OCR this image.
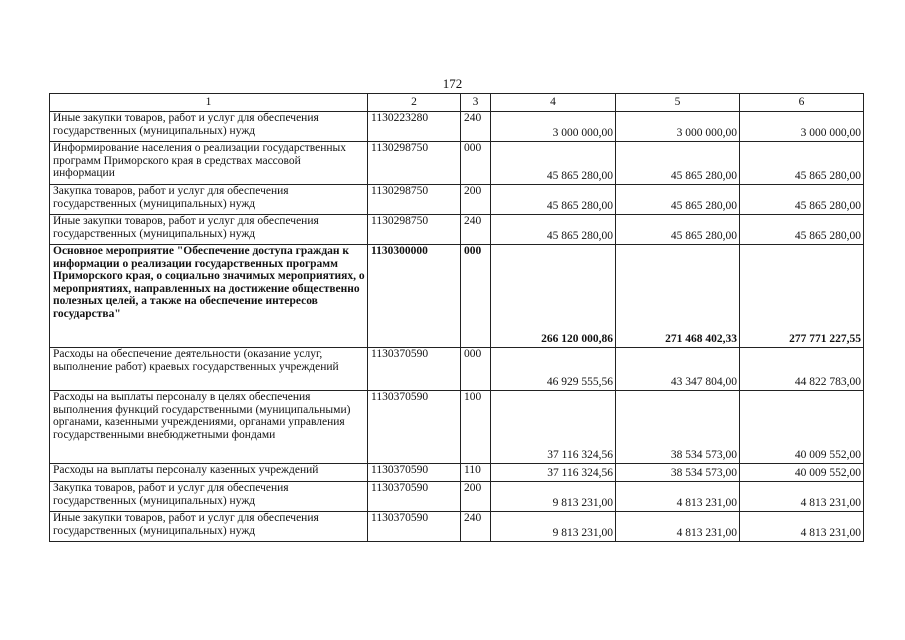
172
1	2	3	4	5	6
Иные закупки товаров, работ и услуг для обеспечения государственных (муниципальных) нужд	1130223280	240	3 000 000,00	3 000 000,00	3 000 000,00
Информирование населения о реализации государственных программ Приморского края в средствах массовой информации	1130298750	000	45 865 280,00	45 865 280,00	45 865 280,00
Закупка товаров, работ и услуг для обеспечения государственных (муниципальных) нужд	1130298750	200	45 865 280,00	45 865 280,00	45 865 280,00
Иные закупки товаров, работ и услуг для обеспечения государственных (муниципальных) нужд	1130298750	240	45 865 280,00	45 865 280,00	45 865 280,00
Основное мероприятие "Обеспечение доступа граждан к информации о реализации государственных программ Приморского края, о социально значимых мероприятиях, о мероприятиях, направленных на достижение общественно полезных целей, а также на обеспечение интересов государства"	1130300000	000	266 120 000,86	271 468 402,33	277 771 227,55
Расходы на обеспечение деятельности (оказание услуг, выполнение работ) краевых государственных учреждений	1130370590	000	46 929 555,56	43 347 804,00	44 822 783,00
Расходы на выплаты персоналу в целях обеспечения выполнения функций государственными (муниципальными) органами, казенными учреждениями, органами управления государственными внебюджетными фондами	1130370590	100	37 116 324,56	38 534 573,00	40 009 552,00
Расходы на выплаты персоналу казенных учреждений	1130370590	110	37 116 324,56	38 534 573,00	40 009 552,00
Закупка товаров, работ и услуг для обеспечения государственных (муниципальных) нужд	1130370590	200	9 813 231,00	4 813 231,00	4 813 231,00
Иные закупки товаров, работ и услуг для обеспечения государственных (муниципальных) нужд	1130370590	240	9 813 231,00	4 813 231,00	4 813 231,00
